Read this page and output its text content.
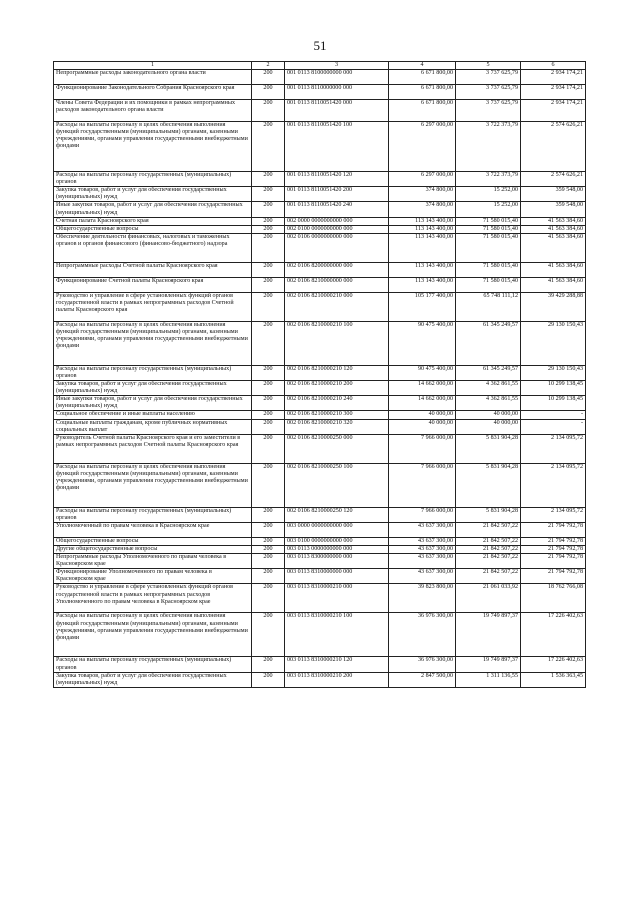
51
1	2	3	4	5	6
Непрограммные расходы законодательного органа власти	200	001 0113 8100000000 000	6 671 800,00	3 737 625,79	2 934 174,21
Функционирование Законодательного Собрания Красноярского края	200	001 0113 8110000000 000	6 671 800,00	3 737 625,79	2 934 174,21
Члены Совета Федерации и их помощники в рамках непрограммных расходов законодательного органа власти	200	001 0113 8110051420 000	6 671 800,00	3 737 625,79	2 934 174,21
Расходы на выплаты персоналу в целях обеспечения выполнения функций государственными (муниципальными) органами, казенными учреждениями, органами управления государственными внебюджетными фондами	200	001 0113 8110051420 100	6 297 000,00	3 722 373,79	2 574 626,21
Расходы на выплаты персоналу государственных (муниципальных) органов	200	001 0113 8110051420 120	6 297 000,00	3 722 373,79	2 574 626,21
Закупка товаров, работ и услуг для обеспечения государственных (муниципальных) нужд	200	001 0113 8110051420 200	374 800,00	15 252,00	359 548,00
Иные закупки товаров, работ и услуг для обеспечения государственных (муниципальных) нужд	200	001 0113 8110051420 240	374 800,00	15 252,00	359 548,00
Счетная палата Красноярского края	200	002 0000 0000000000 000	113 143 400,00	71 580 015,40	41 563 384,60
Общегосударственные вопросы	200	002 0100 0000000000 000	113 143 400,00	71 580 015,40	41 563 384,60
Обеспечение деятельности финансовых, налоговых и таможенных органов и органов финансового (финансово-бюджетного) надзора	200	002 0106 0000000000 000	113 143 400,00	71 580 015,40	41 563 384,60
Непрограммные расходы Счетной палаты Красноярского края	200	002 0106 8200000000 000	113 143 400,00	71 580 015,40	41 563 384,60
Функционирование Счетной палаты Красноярского края	200	002 0106 8210000000 000	113 143 400,00	71 580 015,40	41 563 384,60
Руководство и управление в сфере установленных функций органов государственной власти в рамках непрограммных расходов Счетной палаты Красноярского края	200	002 0106 8210000210 000	105 177 400,00	65 748 111,12	39 429 288,88
Расходы на выплаты персоналу в целях обеспечения выполнения функций государственными (муниципальными) органами, казенными учреждениями, органами управления государственными внебюджетными фондами	200	002 0106 8210000210 100	90 475 400,00	61 345 249,57	29 130 150,43
Расходы на выплаты персоналу государственных (муниципальных) органов	200	002 0106 8210000210 120	90 475 400,00	61 345 249,57	29 130 150,43
Закупка товаров, работ и услуг для обеспечения государственных (муниципальных) нужд	200	002 0106 8210000210 200	14 662 000,00	4 362 861,55	10 299 138,45
Иные закупки товаров, работ и услуг для обеспечения государственных (муниципальных) нужд	200	002 0106 8210000210 240	14 662 000,00	4 362 861,55	10 299 138,45
Социальное обеспечение и иные выплаты населению	200	002 0106 8210000210 300	40 000,00	40 000,00	-
Социальные выплаты гражданам, кроме публичных нормативных социальных выплат	200	002 0106 8210000210 320	40 000,00	40 000,00	-
Руководитель Счетной палаты Красноярского края и его заместители в рамках непрограммных расходов Счетной палаты Красноярского края	200	002 0106 8210000250 000	7 966 000,00	5 831 904,28	2 134 095,72
Расходы на выплаты персоналу в целях обеспечения выполнения функций государственными (муниципальными) органами, казенными учреждениями, органами управления государственными внебюджетными фондами	200	002 0106 8210000250 100	7 966 000,00	5 831 904,28	2 134 095,72
Расходы на выплаты персоналу государственных (муниципальных) органов	200	002 0106 8210000250 120	7 966 000,00	5 831 904,28	2 134 095,72
Уполномоченный по правам человека в Красноярском крае	200	003 0000 0000000000 000	43 637 300,00	21 842 507,22	21 794 792,78
Общегосударственные вопросы	200	003 0100 0000000000 000	43 637 300,00	21 842 507,22	21 794 792,78
Другие общегосударственные вопросы	200	003 0113 0000000000 000	43 637 300,00	21 842 507,22	21 794 792,78
Непрограммные расходы Уполномоченного по правам человека в Красноярском крае	200	003 0113 8300000000 000	43 637 300,00	21 842 507,22	21 794 792,78
Функционирование Уполномоченного по правам человека в Красноярском крае	200	003 0113 8310000000 000	43 637 300,00	21 842 507,22	21 794 792,78
Руководство и управление в сфере установленных функций органов государственной власти в рамках непрограммных расходов Уполномоченного по правам человека в Красноярском крае	200	003 0113 8310000210 000	39 823 800,00	21 061 033,92	18 762 766,08
Расходы на выплаты персоналу в целях обеспечения выполнения функций государственными (муниципальными) органами, казенными учреждениями, органами управления государственными внебюджетными фондами	200	003 0113 8310000210 100	36 976 300,00	19 749 897,37	17 226 402,63
Расходы на выплаты персоналу государственных (муниципальных) органов	200	003 0113 8310000210 120	36 976 300,00	19 749 897,37	17 226 402,63
Закупка товаров, работ и услуг для обеспечения государственных (муниципальных) нужд	200	003 0113 8310000210 200	2 847 500,00	1 311 136,55	1 536 363,45
